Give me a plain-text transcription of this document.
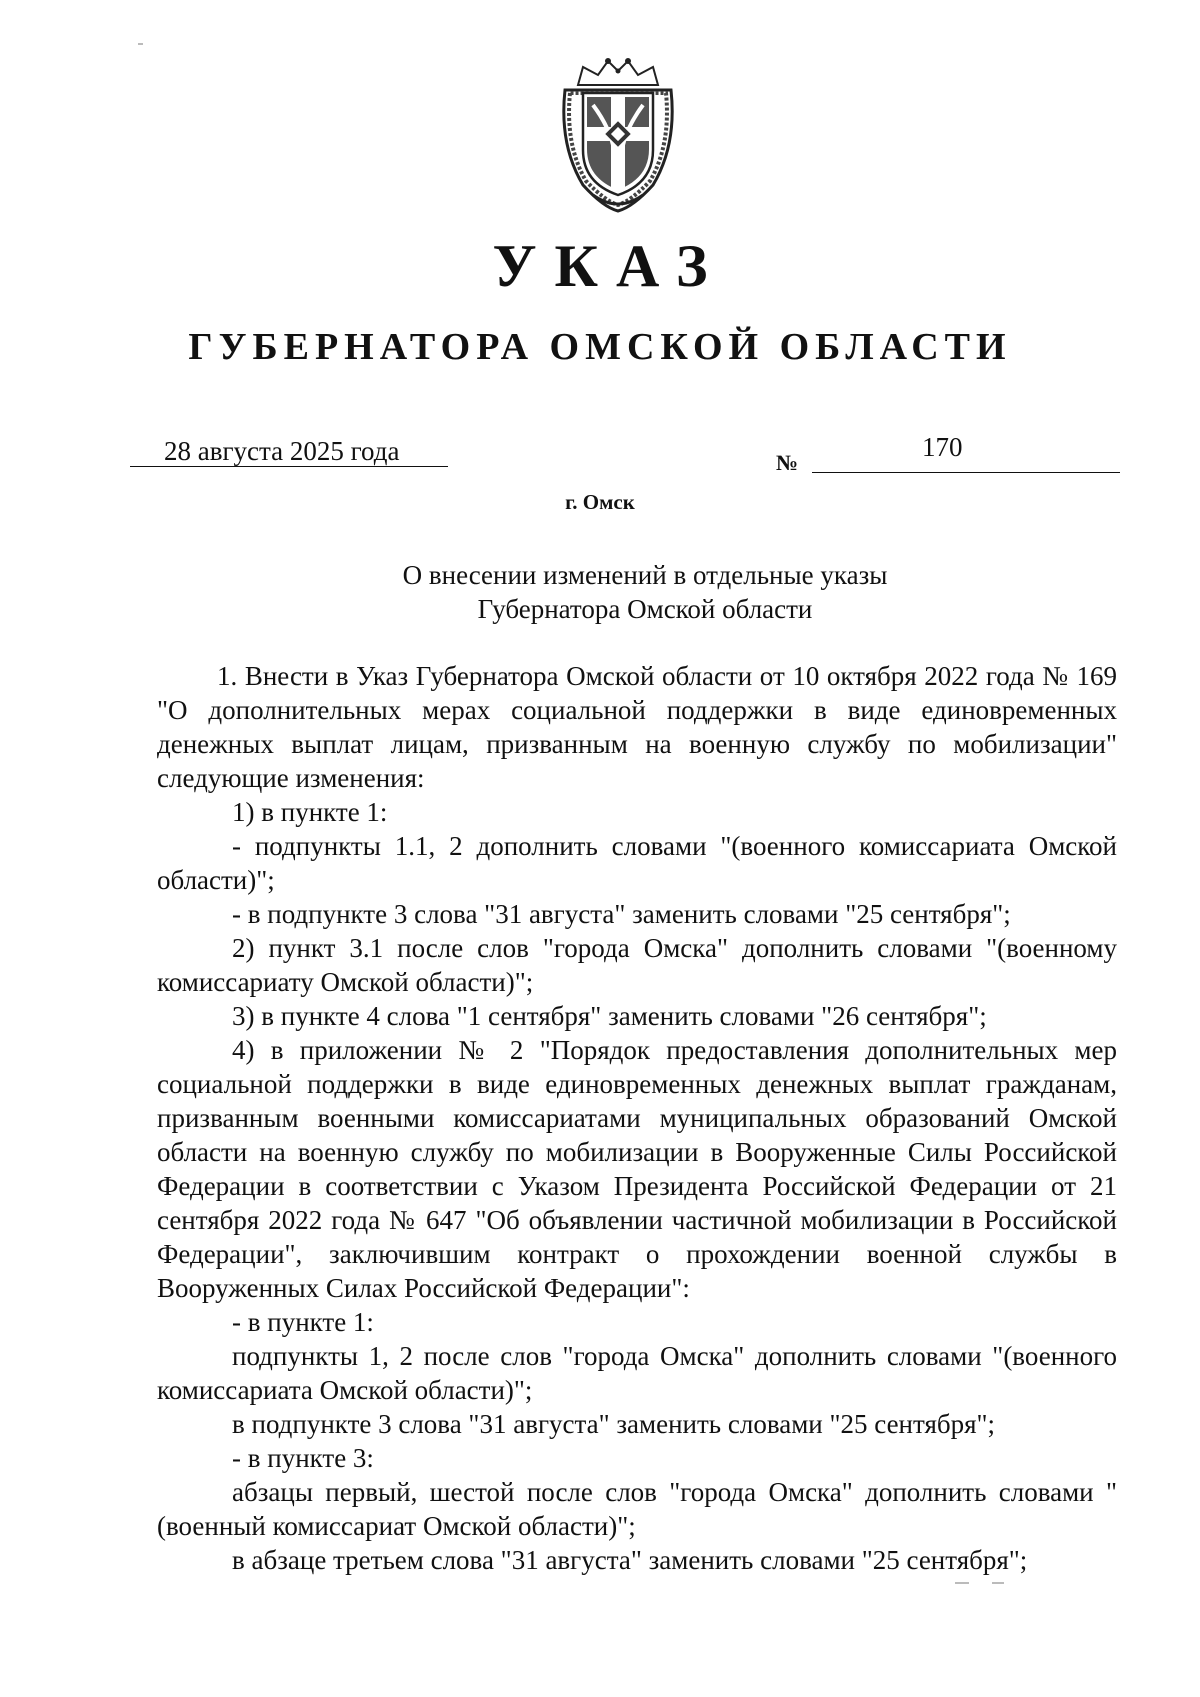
УКАЗ
ГУБЕРНАТОРА ОМСКОЙ ОБЛАСТИ
28 августа 2025 года	№
170
г. Омск
О внесении изменений в отдельные указы
Губернатора Омской области

1. Внести в Указ Губернатора Омской области от 10 октября 2022 года № 169 "О дополнительных мерах социальной поддержки в виде единовременных денежных выплат лицам, призванным на военную службу по мобилизации" следующие изменения:

1) в пункте 1:

- подпункты 1.1, 2 дополнить словами "(военного комиссариата Омской области)";

- в подпункте 3 слова "31 августа" заменить словами "25 сентября";

2) пункт 3.1 после слов "города Омска" дополнить словами "(военному комиссариату Омской области)";

3) в пункте 4 слова "1 сентября" заменить словами "26 сентября";

4) в приложении № 2 "Порядок предоставления дополнительных мер социальной поддержки в виде единовременных денежных выплат гражданам, призванным военными комиссариатами муниципальных образований Омской области на военную службу по мобилизации в Вооруженные Силы Российской Федерации в соответствии с Указом Президента Российской Федерации от 21 сентября 2022 года № 647 "Об объявлении частичной мобилизации в Российской Федерации", заключившим контракт о прохождении военной службы в Вооруженных Силах Российской Федерации":

- в пункте 1:

подпункты 1, 2 после слов "города Омска" дополнить словами "(военного комиссариата Омской области)";

в подпункте 3 слова "31 августа" заменить словами "25 сентября";

- в пункте 3:

абзацы первый, шестой после слов "города Омска" дополнить словами "(военный комиссариат Омской области)";

в абзаце третьем слова "31 августа" заменить словами "25 сентября";
